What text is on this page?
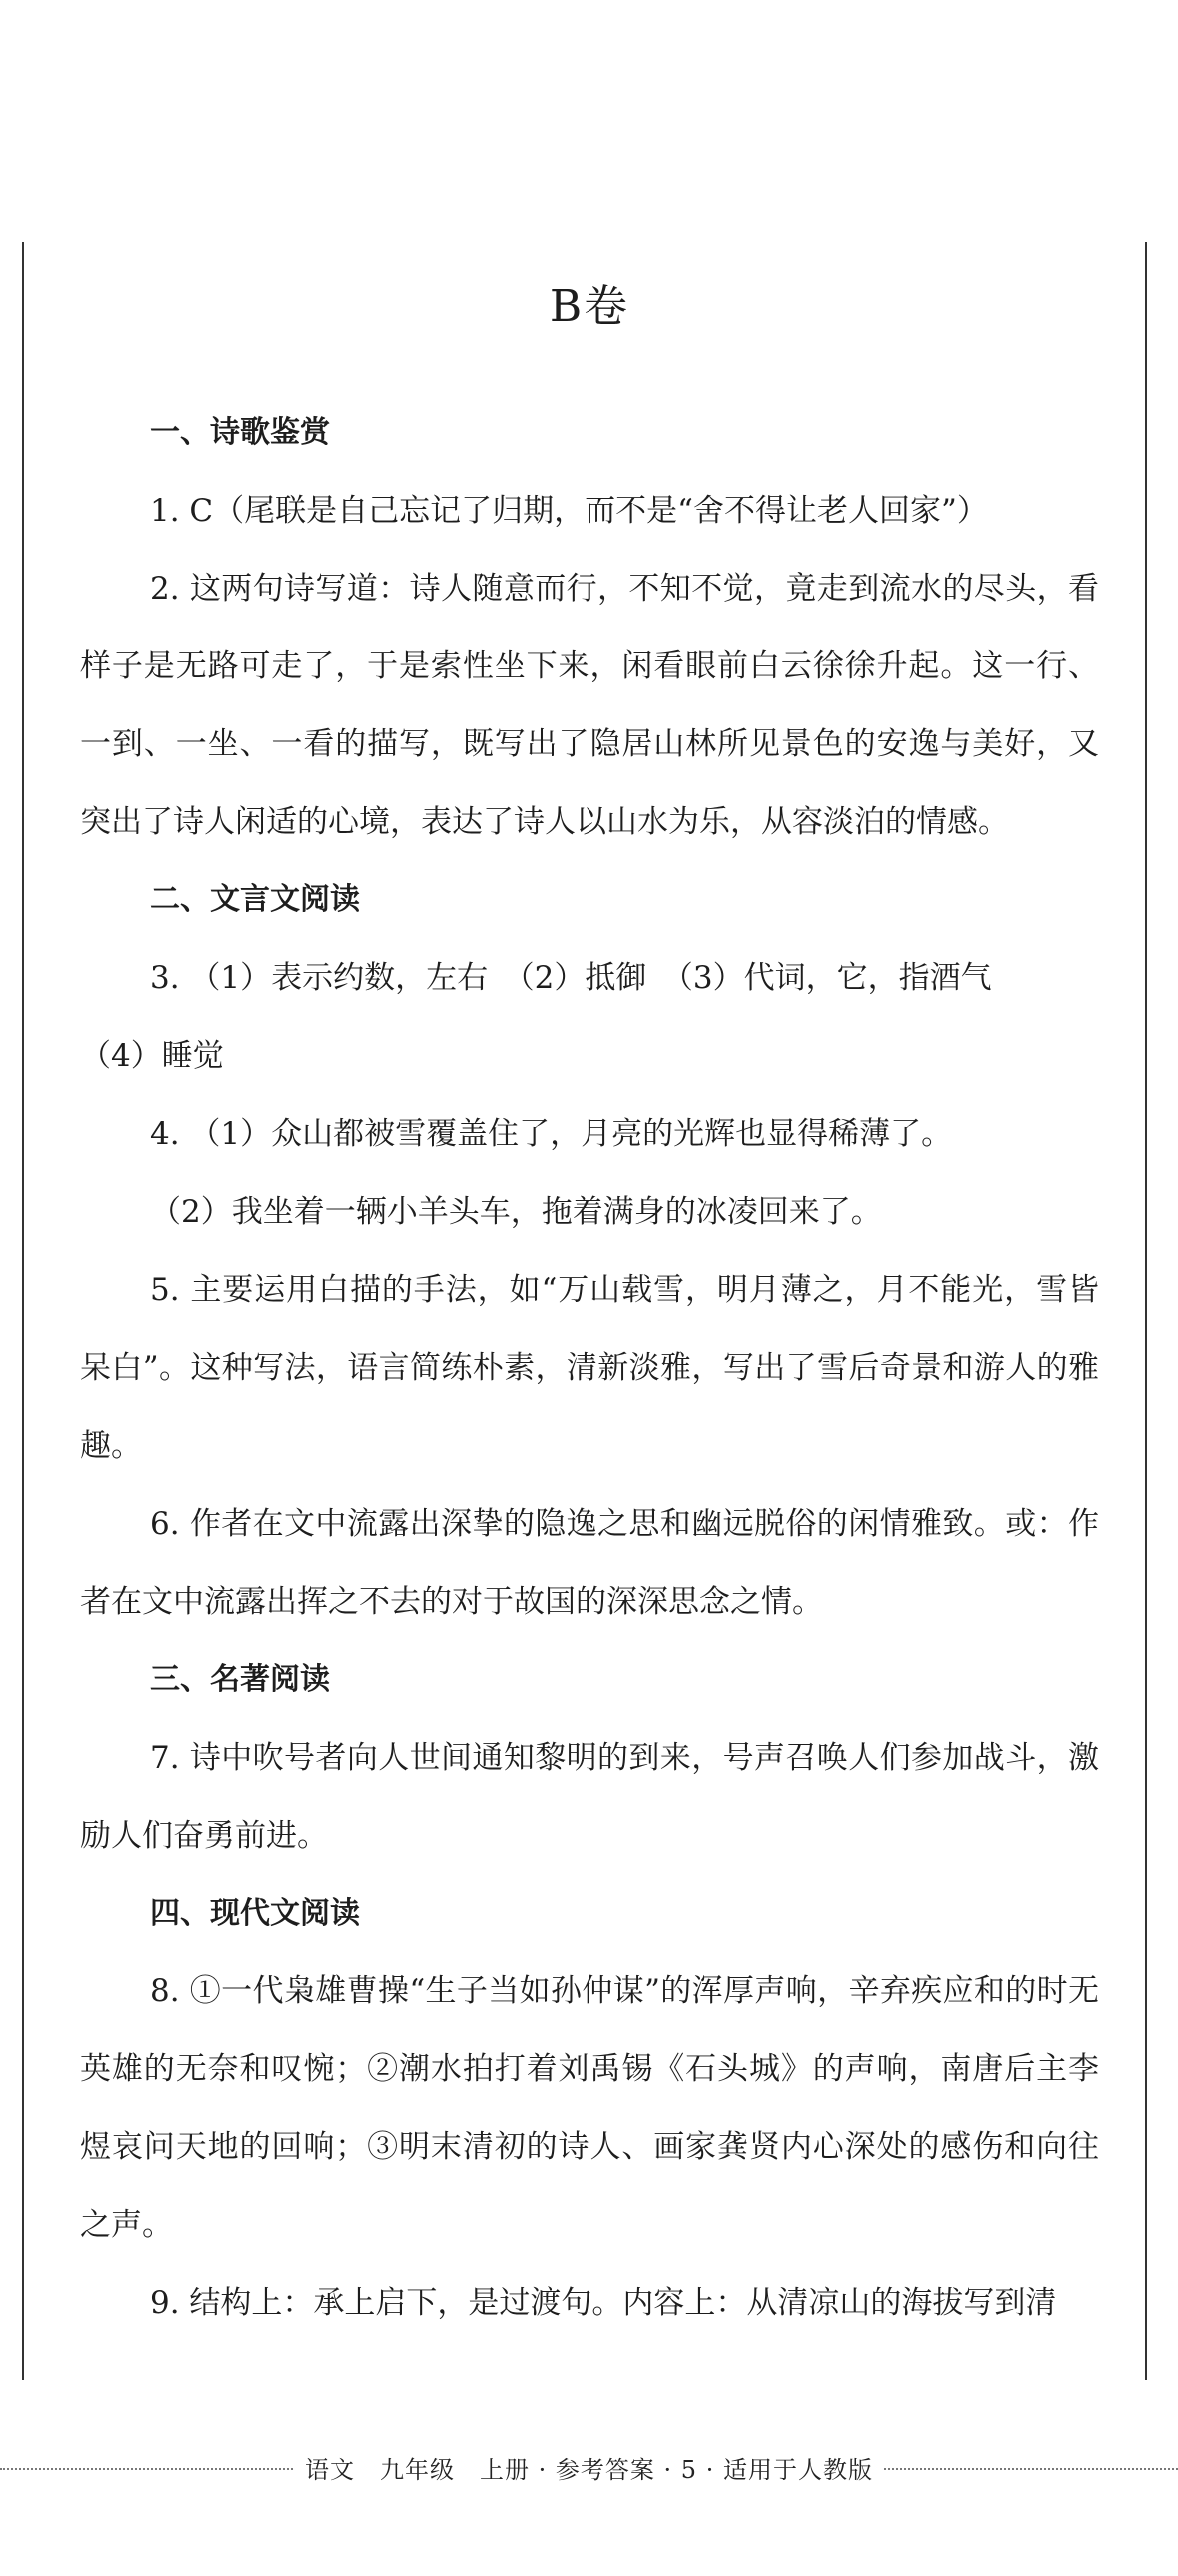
B卷

一、诗歌鉴赏

1. C（尾联是自己忘记了归期，而不是“舍不得让老人回家”）

2. 这两句诗写道：诗人随意而行，不知不觉，竟走到流水的尽头，看样子是无路可走了，于是索性坐下来，闲看眼前白云徐徐升起。这一行、一到、一坐、一看的描写，既写出了隐居山林所见景色的安逸与美好，又突出了诗人闲适的心境，表达了诗人以山水为乐，从容淡泊的情感。

二、文言文阅读

3. （1）表示约数，左右　（2）抵御　（3）代词，它，指酒气

（4）睡觉

4. （1）众山都被雪覆盖住了，月亮的光辉也显得稀薄了。

（2）我坐着一辆小羊头车，拖着满身的冰凌回来了。

5. 主要运用白描的手法，如“万山载雪，明月薄之，月不能光，雪皆呆白”。这种写法，语言简练朴素，清新淡雅，写出了雪后奇景和游人的雅趣。

6. 作者在文中流露出深挚的隐逸之思和幽远脱俗的闲情雅致。或：作者在文中流露出挥之不去的对于故国的深深思念之情。

三、名著阅读

7. 诗中吹号者向人世间通知黎明的到来，号声召唤人们参加战斗，激励人们奋勇前进。

四、现代文阅读

8. ①一代枭雄曹操“生子当如孙仲谋”的浑厚声响，辛弃疾应和的时无英雄的无奈和叹惋；②潮水拍打着刘禹锡《石头城》的声响，南唐后主李煜哀问天地的回响；③明末清初的诗人、画家龚贤内心深处的感伤和向往之声。

9. 结构上：承上启下，是过渡句。内容上：从清凉山的海拔写到清

语文　九年级　上册 · 参考答案 · 5 · 适用于人教版
